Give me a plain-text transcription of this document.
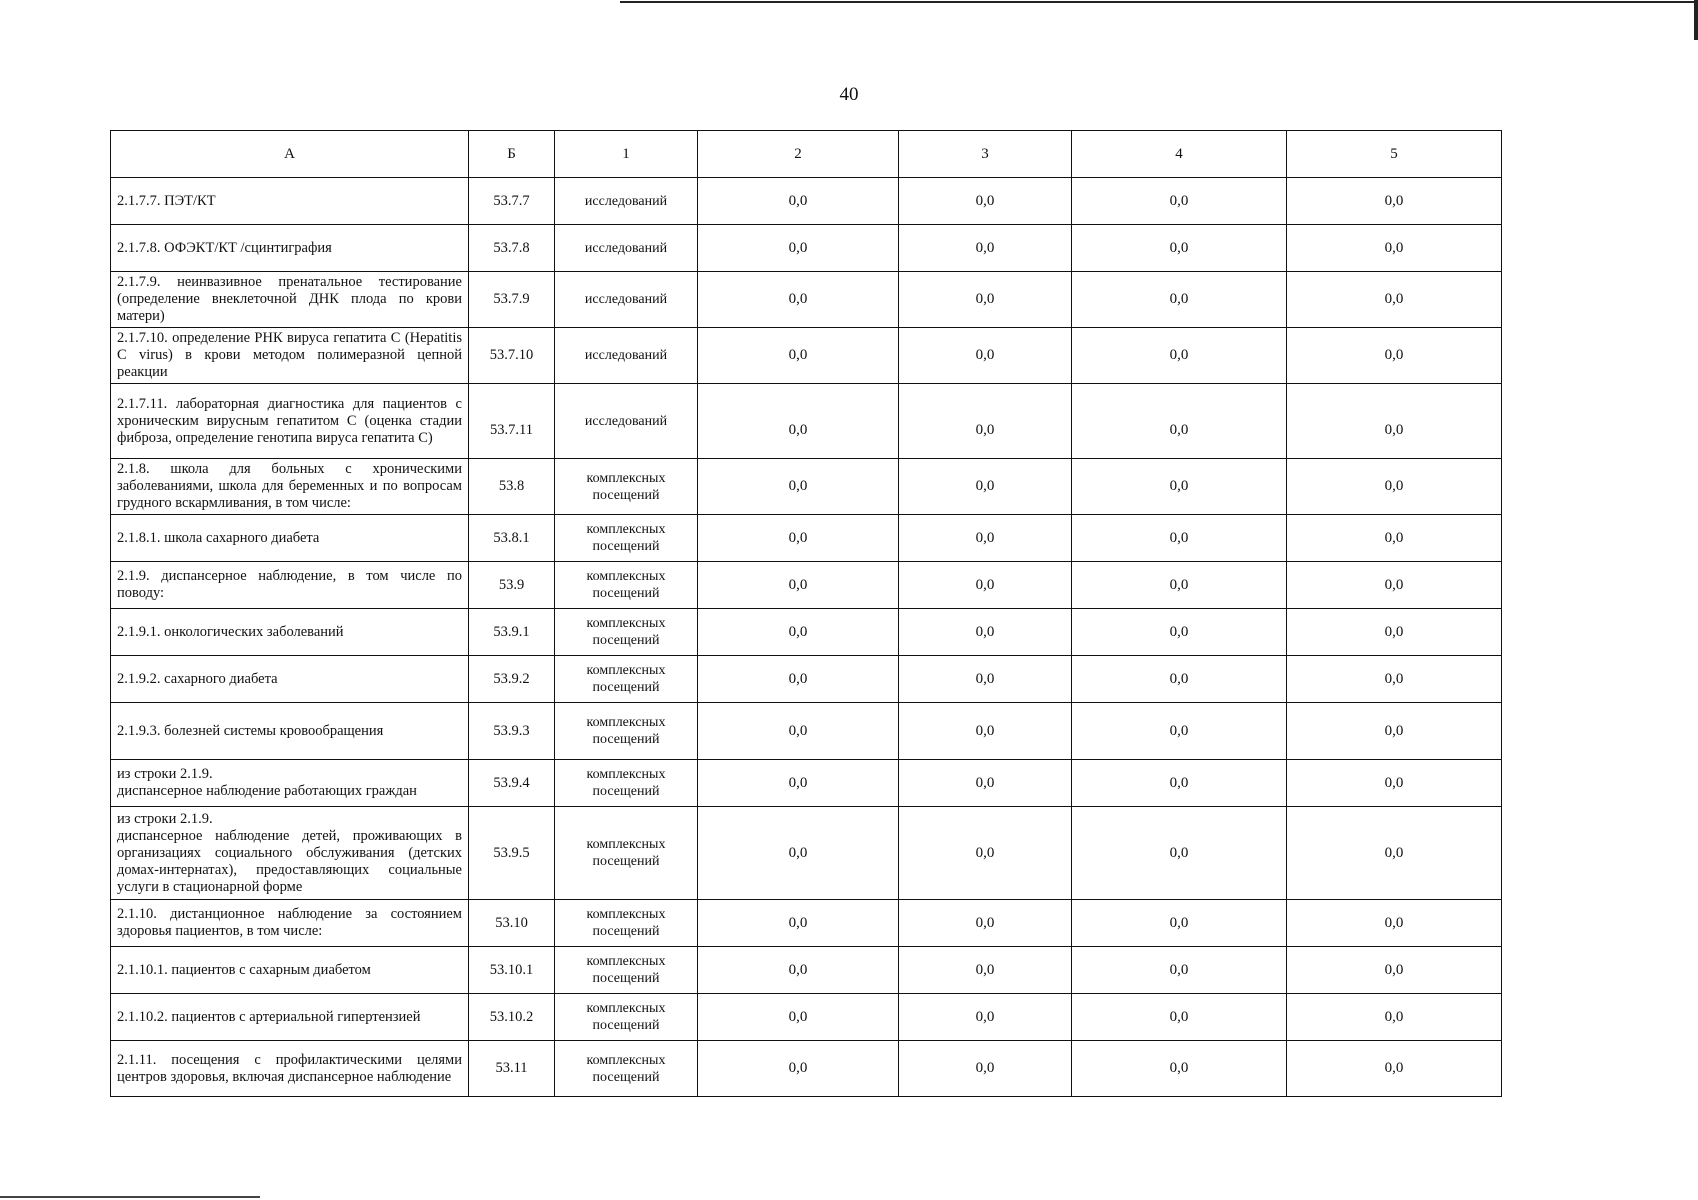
40
А	Б	1	2	3	4	5
2.1.7.7. ПЭТ/КТ	53.7.7	исследований	0,0	0,0	0,0	0,0
2.1.7.8. ОФЭКТ/КТ /сцинтиграфия	53.7.8	исследований	0,0	0,0	0,0	0,0
2.1.7.9. неинвазивное пренатальное тестирование (определение внеклеточной ДНК плода по крови матери)	53.7.9	исследований	0,0	0,0	0,0	0,0
2.1.7.10. определение РНК вируса гепатита С (Hepatitis C virus) в крови методом полимеразной цепной реакции	53.7.10	исследований	0,0	0,0	0,0	0,0
2.1.7.11. лабораторная диагностика для пациентов с хроническим вирусным гепатитом С (оценка стадии фиброза, определение генотипа вируса гепатита С)	53.7.11	исследований	0,0	0,0	0,0	0,0
2.1.8. школа для больных с хроническими заболеваниями, школа для беременных и по вопросам грудного вскармливания, в том числе:	53.8	комплексных посещений	0,0	0,0	0,0	0,0
2.1.8.1. школа сахарного диабета	53.8.1	комплексных посещений	0,0	0,0	0,0	0,0
2.1.9. диспансерное наблюдение, в том числе по поводу:	53.9	комплексных посещений	0,0	0,0	0,0	0,0
2.1.9.1. онкологических заболеваний	53.9.1	комплексных посещений	0,0	0,0	0,0	0,0
2.1.9.2. сахарного диабета	53.9.2	комплексных посещений	0,0	0,0	0,0	0,0
2.1.9.3. болезней системы кровообращения	53.9.3	комплексных посещений	0,0	0,0	0,0	0,0
из строки 2.1.9.
диспансерное наблюдение работающих граждан	53.9.4	комплексных посещений	0,0	0,0	0,0	0,0
из строки 2.1.9.
диспансерное наблюдение детей, проживающих в организациях социального обслуживания (детских домах-интернатах), предоставляющих социальные услуги в стационарной форме	53.9.5	комплексных посещений	0,0	0,0	0,0	0,0
2.1.10. дистанционное наблюдение за состоянием здоровья пациентов, в том числе:	53.10	комплексных посещений	0,0	0,0	0,0	0,0
2.1.10.1. пациентов с сахарным диабетом	53.10.1	комплексных посещений	0,0	0,0	0,0	0,0
2.1.10.2. пациентов с артериальной гипертензией	53.10.2	комплексных посещений	0,0	0,0	0,0	0,0
2.1.11. посещения с профилактическими целями центров здоровья, включая диспансерное наблюдение	53.11	комплексных посещений	0,0	0,0	0,0	0,0
